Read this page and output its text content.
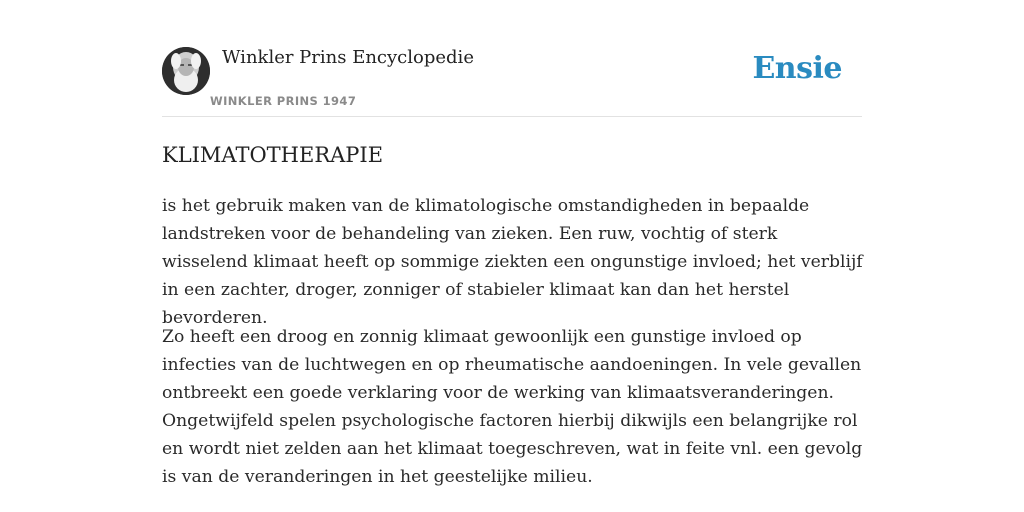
Winkler Prins Encyclopedie
WINKLER PRINS 1947
Ensie
KLIMATOTHERAPIE

is het gebruik maken van de klimatologische omstandigheden in bepaalde landstreken voor de behandeling van zieken. Een ruw, vochtig of sterk wisselend klimaat heeft op sommige ziekten een ongunstige invloed; het verblijf in een zachter, droger, zonniger of stabieler klimaat kan dan het herstel bevorderen.

Zo heeft een droog en zonnig klimaat gewoonlijk een gunstige invloed op infecties van de luchtwegen en op rheumatische aandoeningen. In vele gevallen ontbreekt een goede verklaring voor de werking van klimaatsveranderingen. Ongetwijfeld spelen psychologische factoren hierbij dikwijls een belangrijke rol en wordt niet zelden aan het klimaat toegeschreven, wat in feite vnl. een gevolg is van de veranderingen in het geestelijke milieu.
